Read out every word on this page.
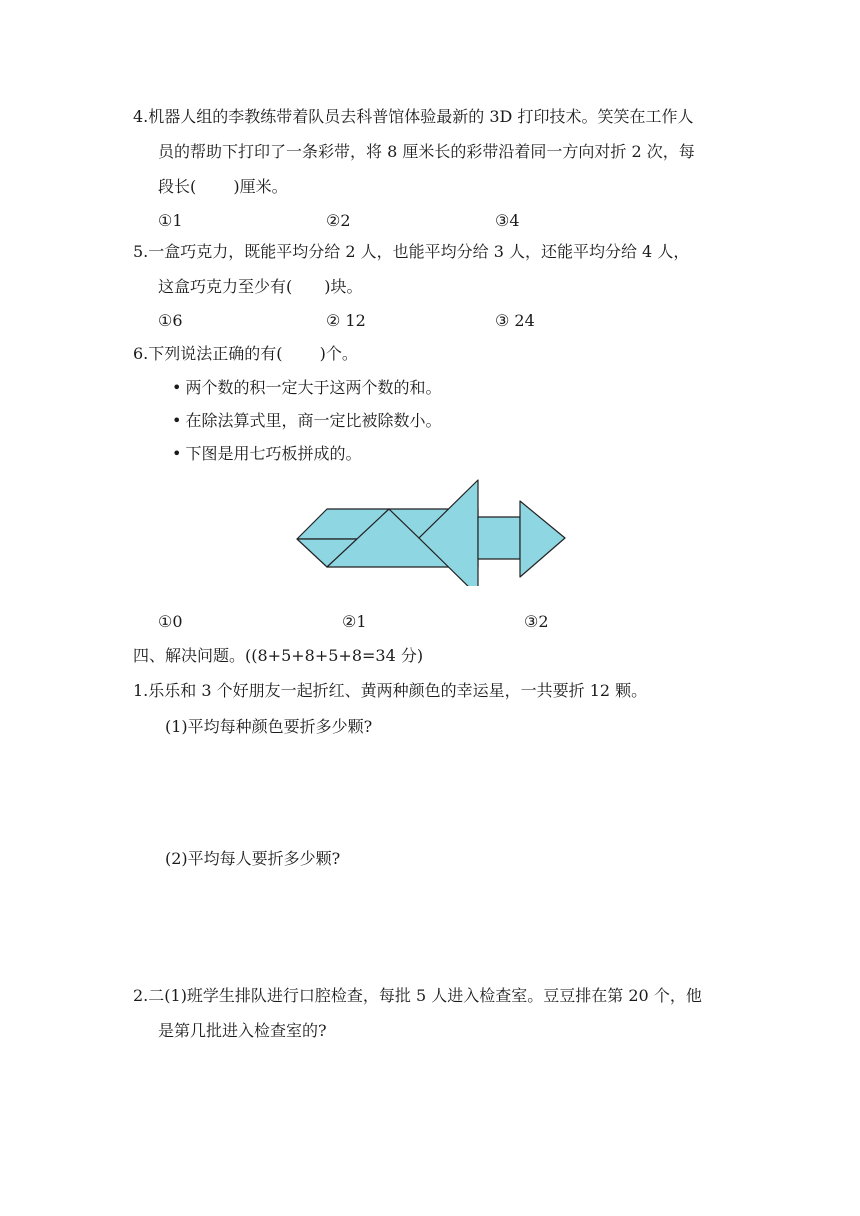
4.机器人组的李教练带着队员去科普馆体验最新的 3D 打印技术。笑笑在工作人
员的帮助下打印了一条彩带，将 8 厘米长的彩带沿着同一方向对折 2 次，每
段长(　　 )厘米。
①1	②2	③4
5.一盒巧克力，既能平均分给 2 人，也能平均分给 3 人，还能平均分给 4 人，
这盒巧克力至少有(　　)块。
①6	② 12	③ 24
6.下列说法正确的有(　　 )个。
• 两个数的积一定大于这两个数的和。
• 在除法算式里，商一定比被除数小。
• 下图是用七巧板拼成的。
①0	②1	③2
四、解决问题。((8+5+8+5+8=34 分)
1.乐乐和 3 个好朋友一起折红、黄两种颜色的幸运星，一共要折 12 颗。
(1)平均每种颜色要折多少颗?
(2)平均每人要折多少颗?
2.二(1)班学生排队进行口腔检查，每批 5 人进入检查室。豆豆排在第 20 个，他
是第几批进入检查室的?
